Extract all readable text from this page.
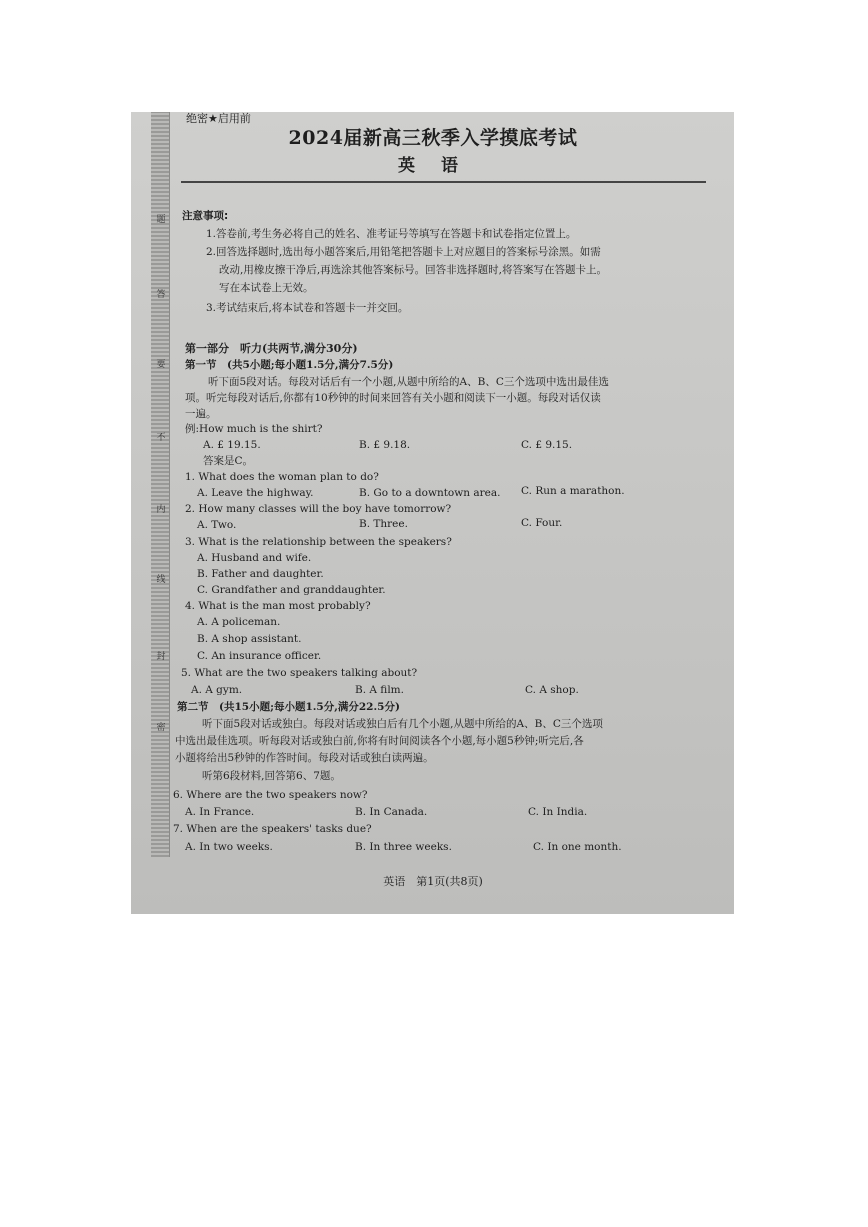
题
答
要
不
内
线
封
密
绝密★启用前
2024届新高三秋季入学摸底考试
英 语
注意事项:
1.答卷前,考生务必将自己的姓名、准考证号等填写在答题卡和试卷指定位置上。
2.回答选择题时,选出每小题答案后,用铅笔把答题卡上对应题目的答案标号涂黑。如需
改动,用橡皮擦干净后,再选涂其他答案标号。回答非选择题时,将答案写在答题卡上。
写在本试卷上无效。
3.考试结束后,将本试卷和答题卡一并交回。
第一部分　听力(共两节,满分30分)
第一节　(共5小题;每小题1.5分,满分7.5分)
听下面5段对话。每段对话后有一个小题,从题中所给的A、B、C三个选项中选出最佳选
项。听完每段对话后,你都有10秒钟的时间来回答有关小题和阅读下一小题。每段对话仅读
一遍。
例:How much is the shirt?
A. £ 19.15.	B. £ 9.18.	C. £ 9.15.
答案是C。
1. What does the woman plan to do?
A. Leave the highway.	B. Go to a downtown area. C. Run a marathon.
2. How many classes will the boy have tomorrow?
A. Two.	B. Three.	C. Four.
3. What is the relationship between the speakers?
A. Husband and wife.
B. Father and daughter.
C. Grandfather and granddaughter.
4. What is the man most probably?
A. A policeman.
B. A shop assistant.
C. An insurance officer.
5. What are the two speakers talking about?
A. A gym.	B. A film.	C. A shop.
第二节　(共15小题;每小题1.5分,满分22.5分)
听下面5段对话或独白。每段对话或独白后有几个小题,从题中所给的A、B、C三个选项
中选出最佳选项。听每段对话或独白前,你将有时间阅读各个小题,每小题5秒钟;听完后,各
小题将给出5秒钟的作答时间。每段对话或独白读两遍。
听第6段材料,回答第6、7题。
6. Where are the two speakers now?
A. In France.	B. In Canada.	C. In India.
7. When are the speakers' tasks due?
A. In two weeks.	B. In three weeks.	C. In one month.
英语　第1页(共8页)
